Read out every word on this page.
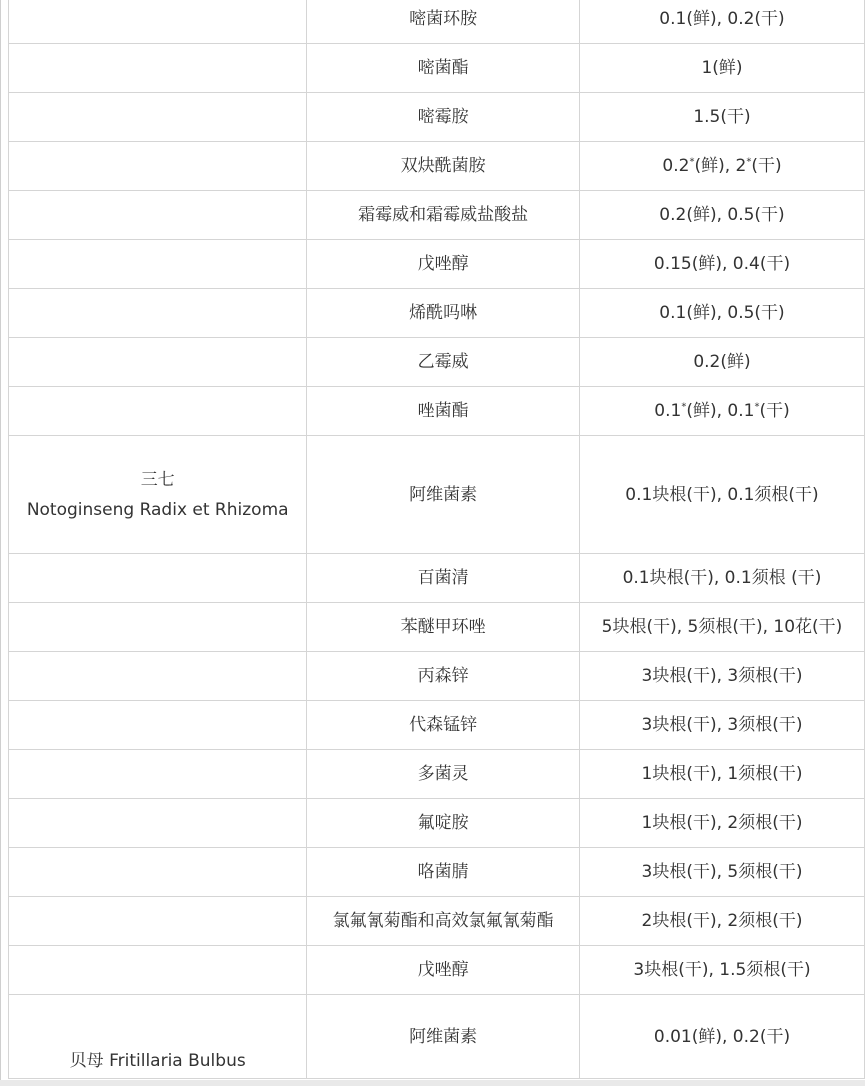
	嘧菌环胺	0.1(鲜), 0.2(干)
	嘧菌酯	1(鲜)
	嘧霉胺	1.5(干)
	双炔酰菌胺	0.2*(鲜), 2*(干)
	霜霉威和霜霉威盐酸盐	0.2(鲜), 0.5(干)
	戊唑醇	0.15(鲜), 0.4(干)
	烯酰吗啉	0.1(鲜), 0.5(干)
	乙霉威	0.2(鲜)
	唑菌酯	0.1*(鲜), 0.1*(干)

三七
Notoginseng Radix et Rhizoma	阿维菌素	0.1块根(干), 0.1须根(干)
	百菌清	0.1块根(干), 0.1须根 (干)
	苯醚甲环唑	5块根(干), 5须根(干), 10花(干)
	丙森锌	3块根(干), 3须根(干)
	代森锰锌	3块根(干), 3须根(干)
	多菌灵	1块根(干), 1须根(干)
	氟啶胺	1块根(干), 2须根(干)
	咯菌腈	3块根(干), 5须根(干)
	氯氟氰菊酯和高效氯氟氰菊酯	2块根(干), 2须根(干)
	戊唑醇	3块根(干), 1.5须根(干)
贝母 Fritillaria Bulbus	阿维菌素	0.01(鲜), 0.2(干)
